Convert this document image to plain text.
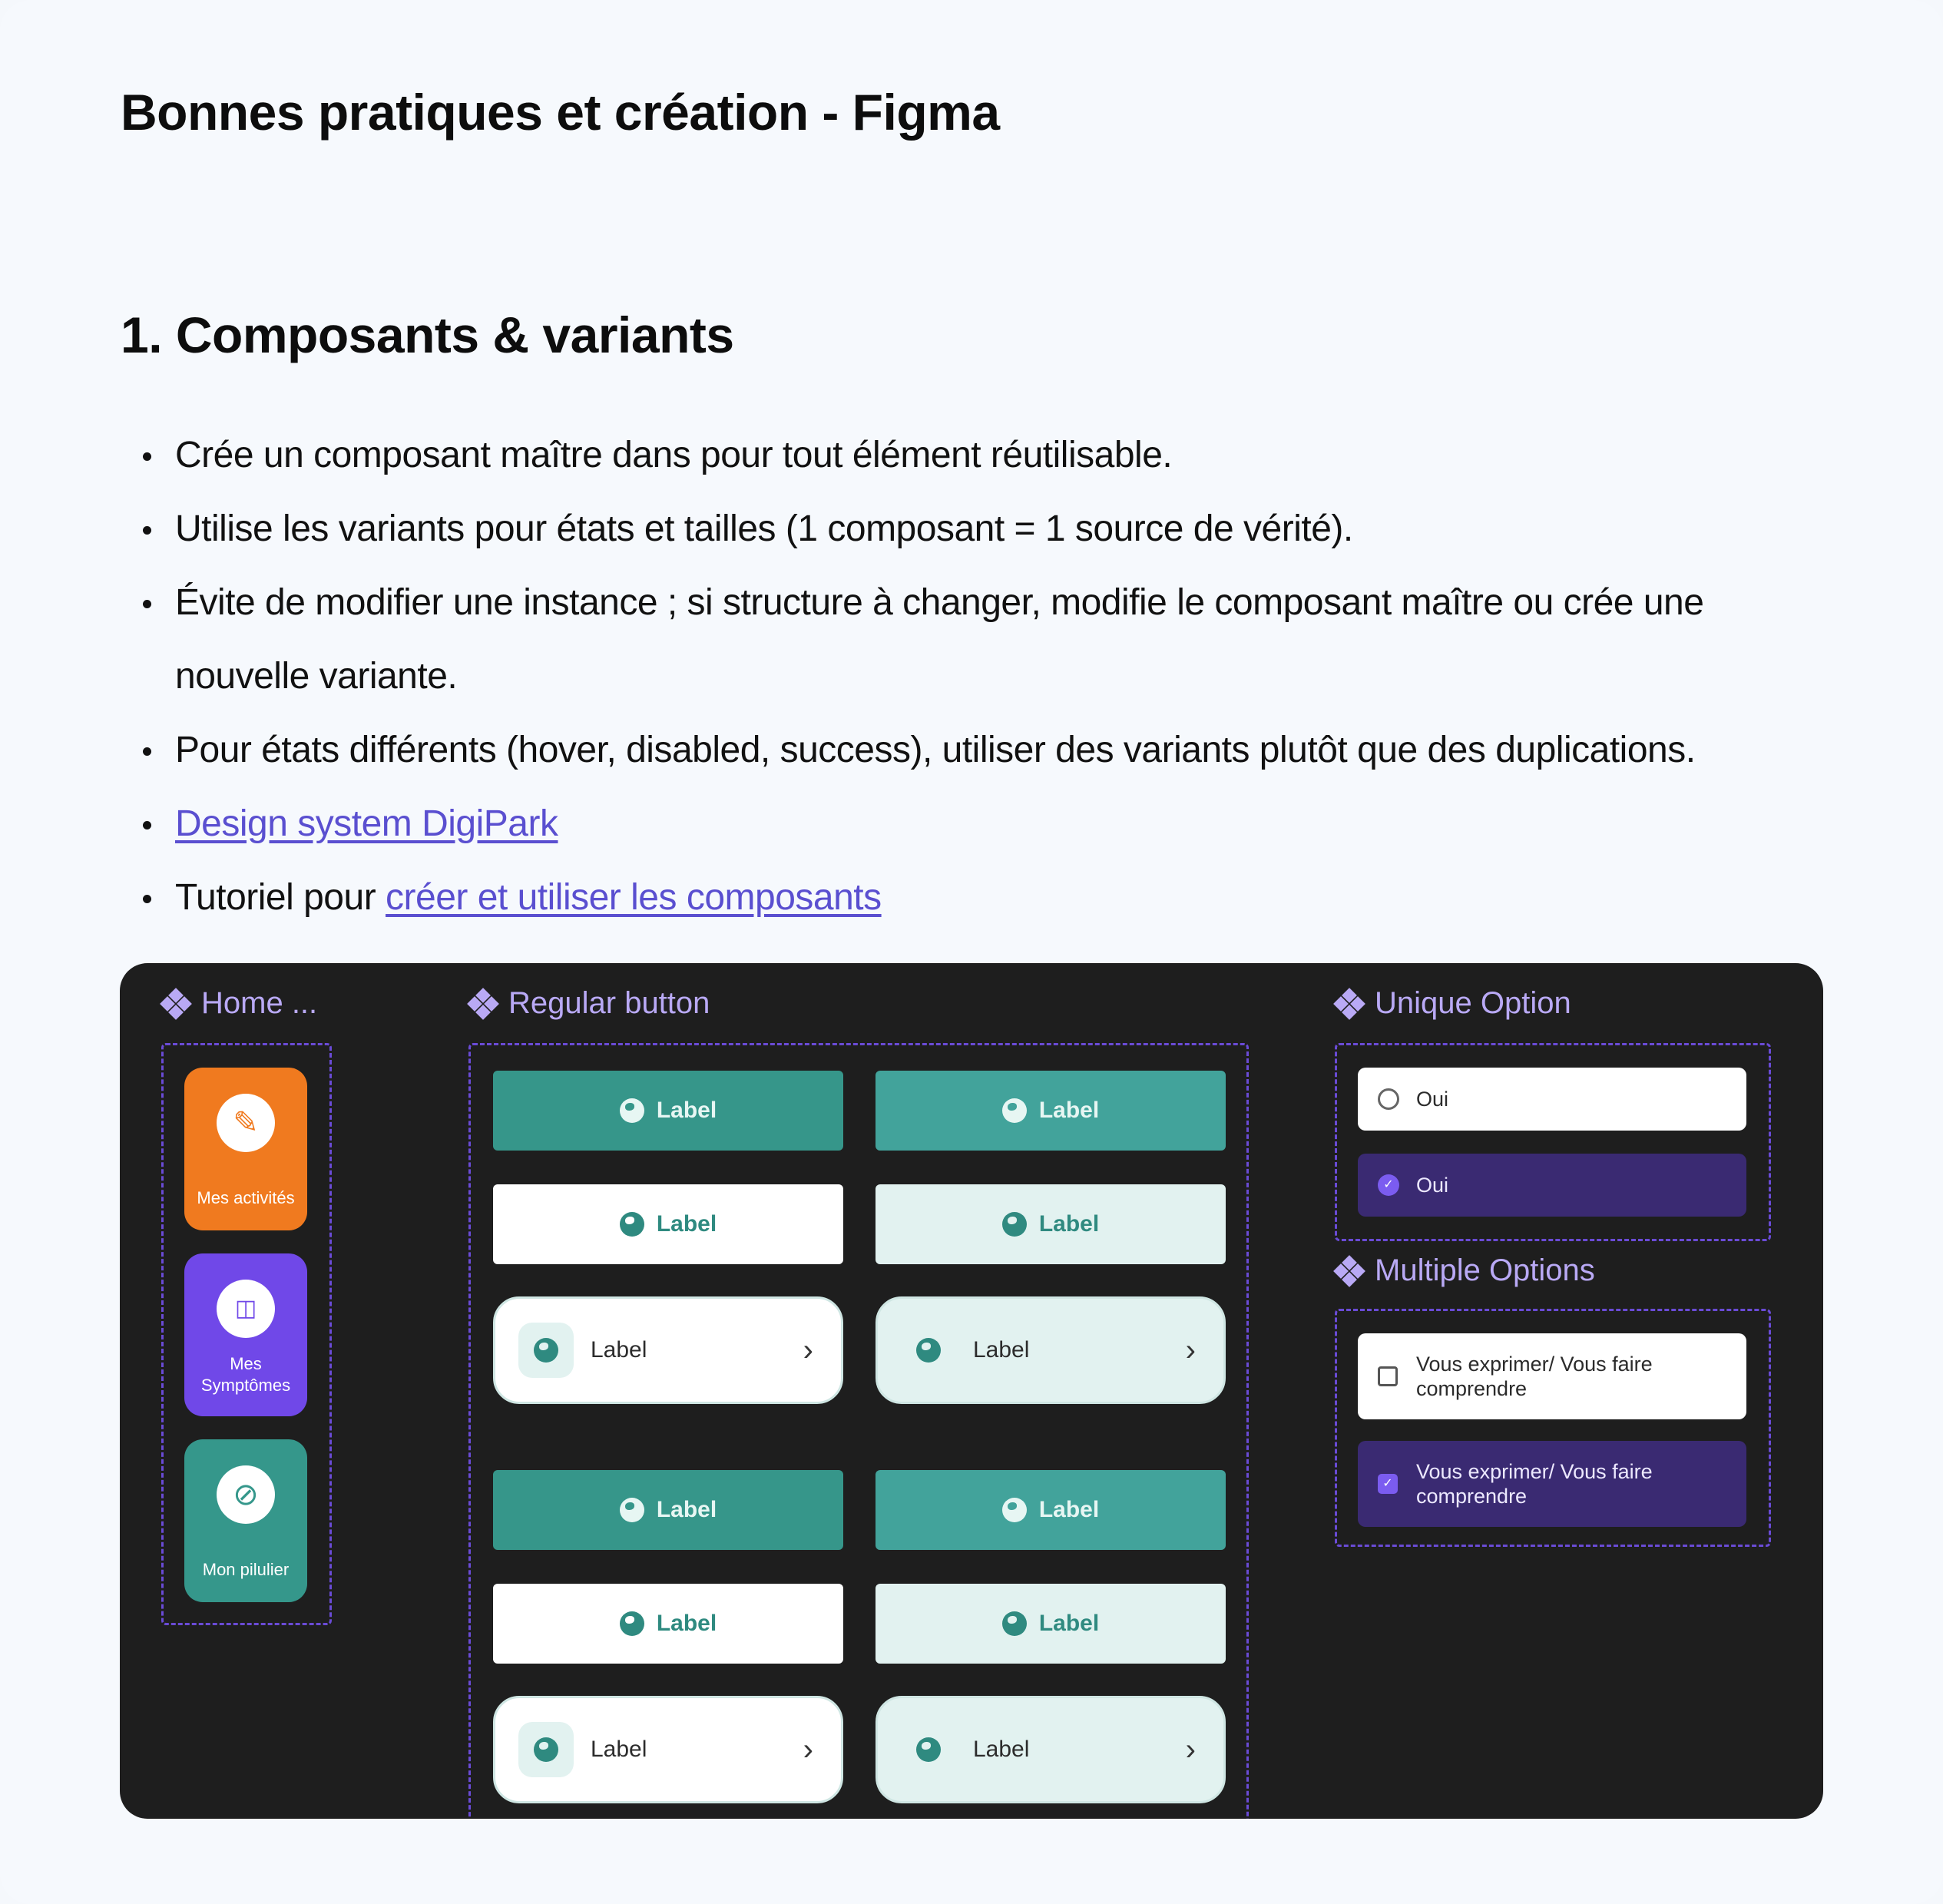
Bonnes pratiques et création - Figma
1. Composants & variants
Crée un composant maître dans pour tout élément réutilisable.
Utilise les variants pour états et tailles (1 composant = 1 source de vérité).
Évite de modifier une instance ; si structure à changer, modifie le composant maître ou crée une nouvelle variante.
Pour états différents (hover, disabled, success), utiliser des variants plutôt que des duplications.
Design system DigiPark
Tutoriel pour créer et utiliser les composants
Home ...	Regular button	Unique Option
Multiple Options
✎
Mes activités
◫
Mes Symptômes
⊘
Mon pilulier
Label	Label
Label	Label
Label	›	Label	›
Label	Label
Label	Label
Label	›	Label	›
Oui
✓ Oui
Vous exprimer/ Vous faire comprendre
✓
Vous exprimer/ Vous faire comprendre
